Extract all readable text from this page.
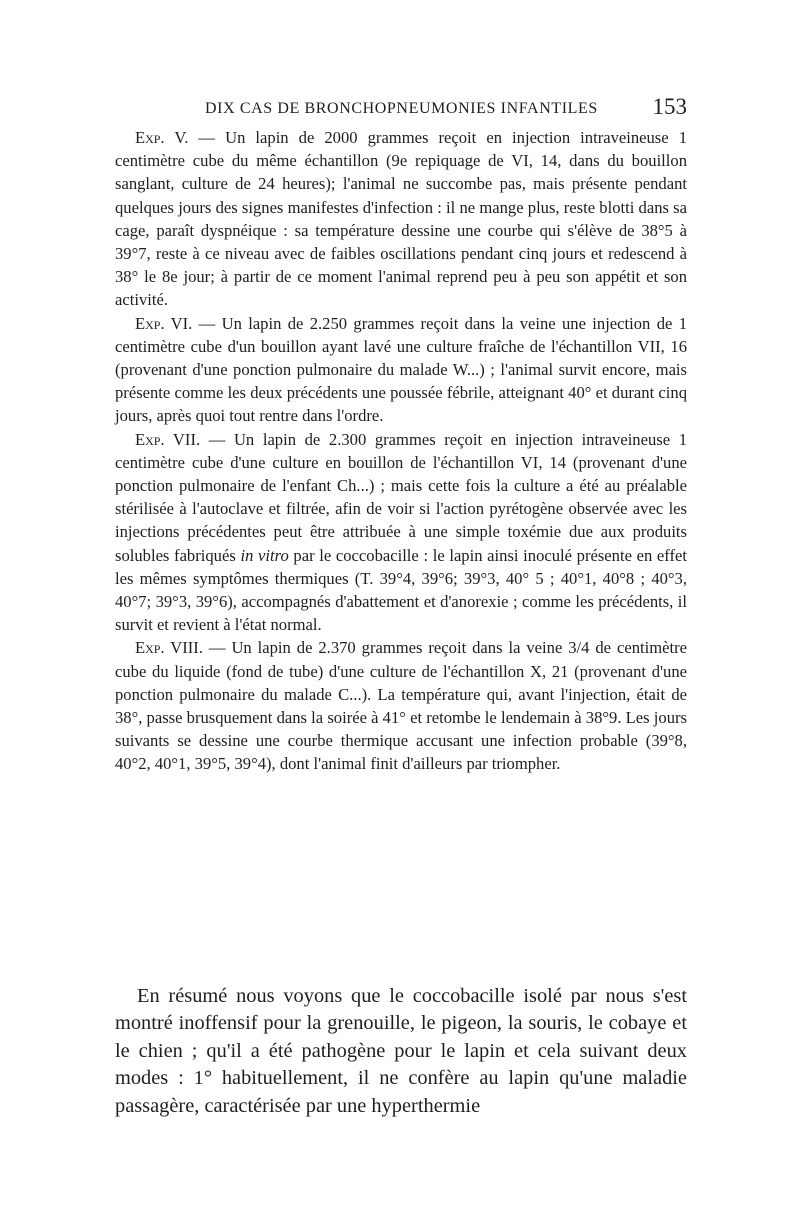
DIX CAS DE BRONCHOPNEUMONIES INFANTILES 153

Exp. V. — Un lapin de 2000 grammes reçoit en injection intraveineuse 1 centimètre cube du même échantillon (9e repiquage de VI, 14, dans du bouillon sanglant, culture de 24 heures); l'animal ne succombe pas, mais présente pendant quelques jours des signes manifestes d'infection : il ne mange plus, reste blotti dans sa cage, paraît dyspnéique : sa température dessine une courbe qui s'élève de 38°5 à 39°7, reste à ce niveau avec de faibles oscillations pendant cinq jours et redescend à 38° le 8e jour; à partir de ce moment l'animal reprend peu à peu son appétit et son activité.

Exp. VI. — Un lapin de 2.250 grammes reçoit dans la veine une injection de 1 centimètre cube d'un bouillon ayant lavé une culture fraîche de l'échantillon VII, 16 (provenant d'une ponction pulmonaire du malade W...) ; l'animal survit encore, mais présente comme les deux précédents une poussée fébrile, atteignant 40° et durant cinq jours, après quoi tout rentre dans l'ordre.

Exp. VII. — Un lapin de 2.300 grammes reçoit en injection intraveineuse 1 centimètre cube d'une culture en bouillon de l'échantillon VI, 14 (provenant d'une ponction pulmonaire de l'enfant Ch...) ; mais cette fois la culture a été au préalable stérilisée à l'autoclave et filtrée, afin de voir si l'action pyrétogène observée avec les injections précédentes peut être attribuée à une simple toxémie due aux produits solubles fabriqués in vitro par le coccobacille : le lapin ainsi inoculé présente en effet les mêmes symptômes thermiques (T. 39°4, 39°6; 39°3, 40° 5 ; 40°1, 40°8 ; 40°3, 40°7; 39°3, 39°6), accompagnés d'abattement et d'anorexie ; comme les précédents, il survit et revient à l'état normal.

Exp. VIII. — Un lapin de 2.370 grammes reçoit dans la veine 3/4 de centimètre cube du liquide (fond de tube) d'une culture de l'échantillon X, 21 (provenant d'une ponction pulmonaire du malade C...). La température qui, avant l'injection, était de 38°, passe brusquement dans la soirée à 41° et retombe le lendemain à 38°9. Les jours suivants se dessine une courbe thermique accusant une infection probable (39°8, 40°2, 40°1, 39°5, 39°4), dont l'animal finit d'ailleurs par triompher.

En résumé nous voyons que le coccobacille isolé par nous s'est montré inoffensif pour la grenouille, le pigeon, la souris, le cobaye et le chien ; qu'il a été pathogène pour le lapin et cela suivant deux modes : 1° habituellement, il ne confère au lapin qu'une maladie passagère, caractérisée par une hyperthermie
